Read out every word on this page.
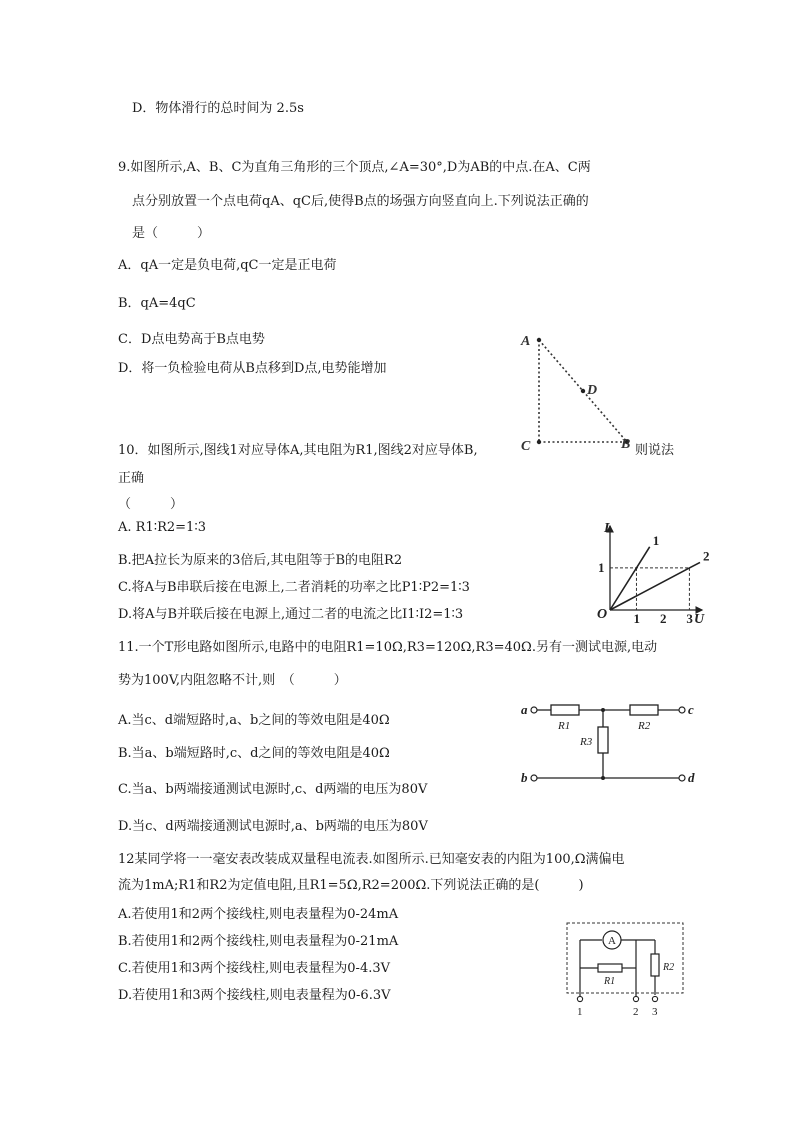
D．物体滑行的总时间为 2.5s
9.如图所示,A、B、C为直角三角形的三个顶点,∠A=30°,D为AB的中点.在A、C两
点分别放置一个点电荷qA、qC后,使得B点的场强方向竖直向上.下列说法正确的
是（　　　）
A．qA一定是负电荷,qC一定是正电荷
B．qA=4qC
C．D点电势高于B点电势
D．将一负检验电荷从B点移到D点,电势能增加
A
D
C	B
10．如图所示,图线1对应导体A,其电阻为R1,图线2对应导体B,	则说法
正确
（　　　）
A. R1∶R2=1∶3
B.把A拉长为原来的3倍后,其电阻等于B的电阻R2
C.将A与B串联后接在电源上,二者消耗的功率之比P1∶P2=1∶3
D.将A与B并联后接在电源上,通过二者的电流之比I1∶I2=1∶3
I
U
O
1
2
1 2 3
1
11.一个T形电路如图所示,电路中的电阻R1=10Ω,R3=120Ω,R3=40Ω.另有一测试电源,电动
势为100V,内阻忽略不计,则　（　　　）
A.当c、d端短路时,a、b之间的等效电阻是40Ω
B.当a、b端短路时,c、d之间的等效电阻是40Ω
C.当a、b两端接通测试电源时,c、d两端的电压为80V
D.当c、d两端接通测试电源时,a、b两端的电压为80V
a	c
b	d
R1	R2
R3
12某同学将一一毫安表改装成双量程电流表.如图所示.已知毫安表的内阻为100,Ω满偏电
流为1mA;R1和R2为定值电阻,且R1=5Ω,R2=200Ω.下列说法正确的是(　　　)
A.若使用1和2两个接线柱,则电表量程为0-24mA
B.若使用1和2两个接线柱,则电表量程为0-21mA
C.若使用1和3两个接线柱,则电表量程为0-4.3V
D.若使用1和3两个接线柱,则电表量程为0-6.3V
A
R1
R2
1	2 3
